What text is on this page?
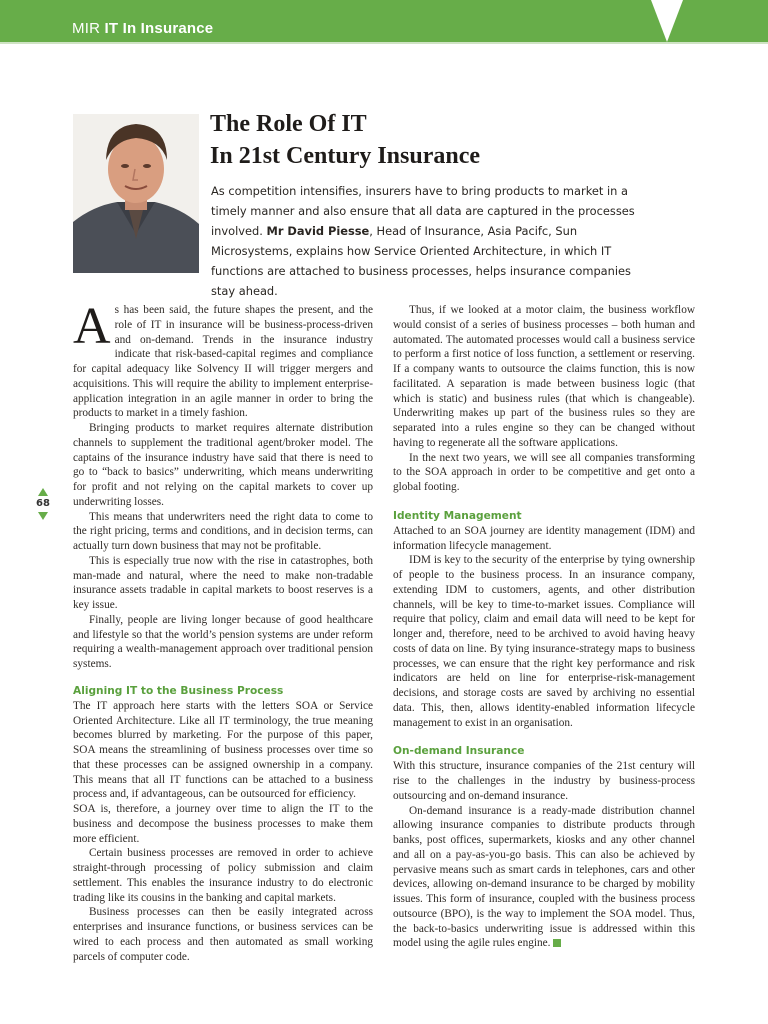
MIR IT In Insurance
The Role Of IT
In 21st Century Insurance
As competition intensifies, insurers have to bring products to market in a timely manner and also ensure that all data are captured in the processes involved. Mr David Piesse, Head of Insurance, Asia Pacifc, Sun Microsystems, explains how Service Oriented Architecture, in which IT functions are attached to business processes, helps insurance companies stay ahead.
68

As has been said, the future shapes the present, and the role of IT in insurance will be business-process-driven and on-demand. Trends in the insurance industry indicate that risk-based-capital regimes and compliance for capital adequacy like Solvency II will trigger mergers and acquisitions. This will require the ability to implement enterprise-application integration in an agile manner in order to bring the products to market in a timely fashion.

Bringing products to market requires alternate distribution channels to supplement the traditional agent/broker model. The captains of the insurance industry have said that there is need to go to “back to basics” underwriting, which means underwriting for profit and not relying on the capital markets to cover up underwriting losses.

This means that underwriters need the right data to come to the right pricing, terms and conditions, and in decision terms, can actually turn down business that may not be profitable.

This is especially true now with the rise in catastrophes, both man-made and natural, where the need to make non-tradable insurance assets tradable in capital markets to boost reserves is a key issue.

Finally, people are living longer because of good healthcare and lifestyle so that the world’s pension systems are under reform requiring a wealth-management approach over traditional pension systems.

Aligning IT to the Business Process

The IT approach here starts with the letters SOA or Service Oriented Architecture. Like all IT terminology, the true meaning becomes blurred by marketing. For the purpose of this paper, SOA means the streamlining of business processes over time so that these processes can be assigned ownership in a company. This means that all IT functions can be attached to a business process and, if advantageous, can be outsourced for efficiency.

SOA is, therefore, a journey over time to align the IT to the business and decompose the business processes to make them more efficient.

Certain business processes are removed in order to achieve straight-through processing of policy submission and claim settlement. This enables the insurance industry to do electronic trading like its cousins in the banking and capital markets.

Business processes can then be easily integrated across enterprises and insurance functions, or business services can be wired to each process and then automated as small working parcels of computer code.

Thus, if we looked at a motor claim, the business workflow would consist of a series of business processes – both human and automated. The automated processes would call a business service to perform a first notice of loss function, a settlement or reserving. If a company wants to outsource the claims function, this is now facilitated. A separation is made between business logic (that which is static) and business rules (that which is changeable). Underwriting makes up part of the business rules so they are separated into a rules engine so they can be changed without having to regenerate all the software applications.

In the next two years, we will see all companies transforming to the SOA approach in order to be competitive and get onto a global footing.

Identity Management

Attached to an SOA journey are identity management (IDM) and information lifecycle management.

IDM is key to the security of the enterprise by tying ownership of people to the business process. In an insurance company, extending IDM to customers, agents, and other distribution channels, will be key to time-to-market issues. Compliance will require that policy, claim and email data will need to be kept for longer and, therefore, need to be archived to avoid having heavy costs of data on line. By tying insurance-strategy maps to business processes, we can ensure that the right key performance and risk indicators are held on line for enterprise-risk-management decisions, and storage costs are saved by archiving no essential data. This, then, allows identity-enabled information lifecycle management to exist in an organisation.

On-demand Insurance

With this structure, insurance companies of the 21st century will rise to the challenges in the industry by business-process outsourcing and on-demand insurance.

On-demand insurance is a ready-made distribution channel allowing insurance companies to distribute products through banks, post offices, supermarkets, kiosks and any other channel and all on a pay-as-you-go basis. This can also be achieved by pervasive means such as smart cards in telephones, cars and other devices, allowing on-demand insurance to be charged by mobility issues. This form of insurance, coupled with the business process outsource (BPO), is the way to implement the SOA model. Thus, the back-to-basics underwriting issue is addressed within this model using the agile rules engine.
